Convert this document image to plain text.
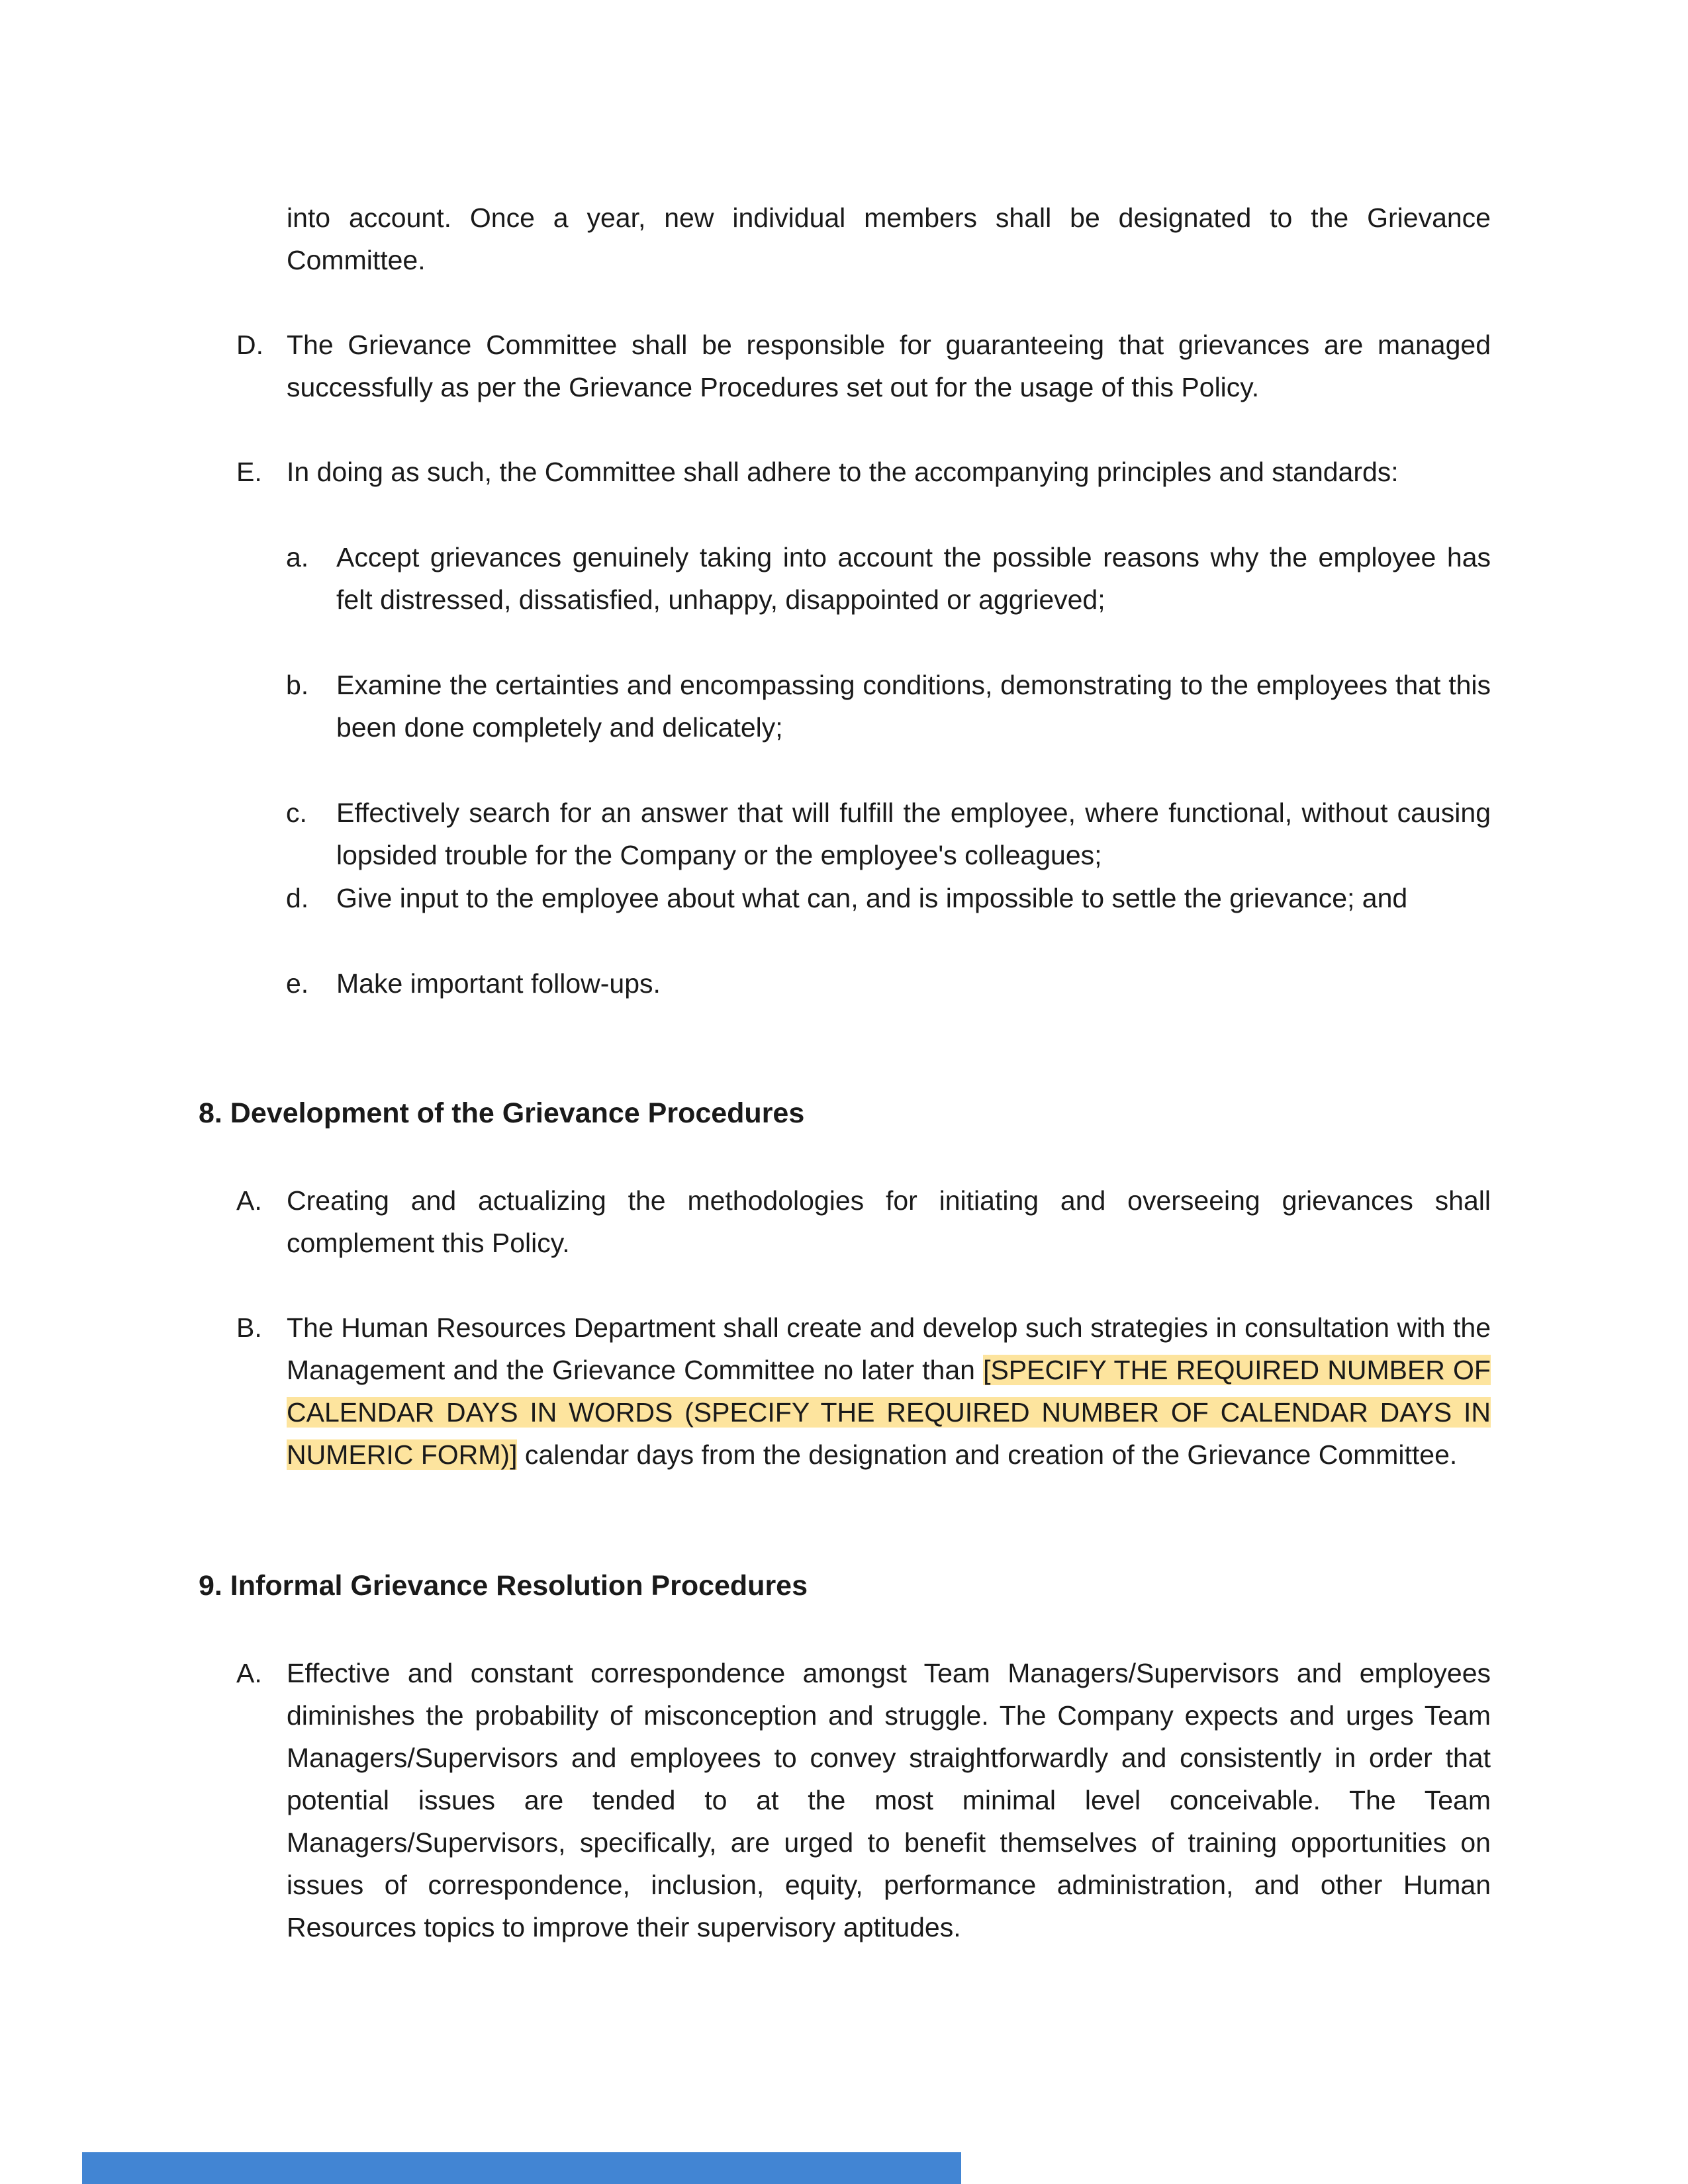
into account. Once a year, new individual members shall be designated to the Grievance Committee.
D. The Grievance Committee shall be responsible for guaranteeing that grievances are managed successfully as per the Grievance Procedures set out for the usage of this Policy.
E. In doing as such, the Committee shall adhere to the accompanying principles and standards:
a. Accept grievances genuinely taking into account the possible reasons why the employee has felt distressed, dissatisfied, unhappy, disappointed or aggrieved;
b. Examine the certainties and encompassing conditions, demonstrating to the employees that this been done completely and delicately;
c. Effectively search for an answer that will fulfill the employee, where functional, without causing lopsided trouble for the Company or the employee's colleagues;
d. Give input to the employee about what can, and is impossible to settle the grievance; and
e. Make important follow-ups.
8. Development of the Grievance Procedures
A. Creating and actualizing the methodologies for initiating and overseeing grievances shall complement this Policy.
B. The Human Resources Department shall create and develop such strategies in consultation with the Management and the Grievance Committee no later than [SPECIFY THE REQUIRED NUMBER OF CALENDAR DAYS IN WORDS (SPECIFY THE REQUIRED NUMBER OF CALENDAR DAYS IN NUMERIC FORM)] calendar days from the designation and creation of the Grievance Committee.
9. Informal Grievance Resolution Procedures
A. Effective and constant correspondence amongst Team Managers/Supervisors and employees diminishes the probability of misconception and struggle. The Company expects and urges Team Managers/Supervisors and employees to convey straightforwardly and consistently in order that potential issues are tended to at the most minimal level conceivable. The Team Managers/Supervisors, specifically, are urged to benefit themselves of training opportunities on issues of correspondence, inclusion, equity, performance administration, and other Human Resources topics to improve their supervisory aptitudes.
